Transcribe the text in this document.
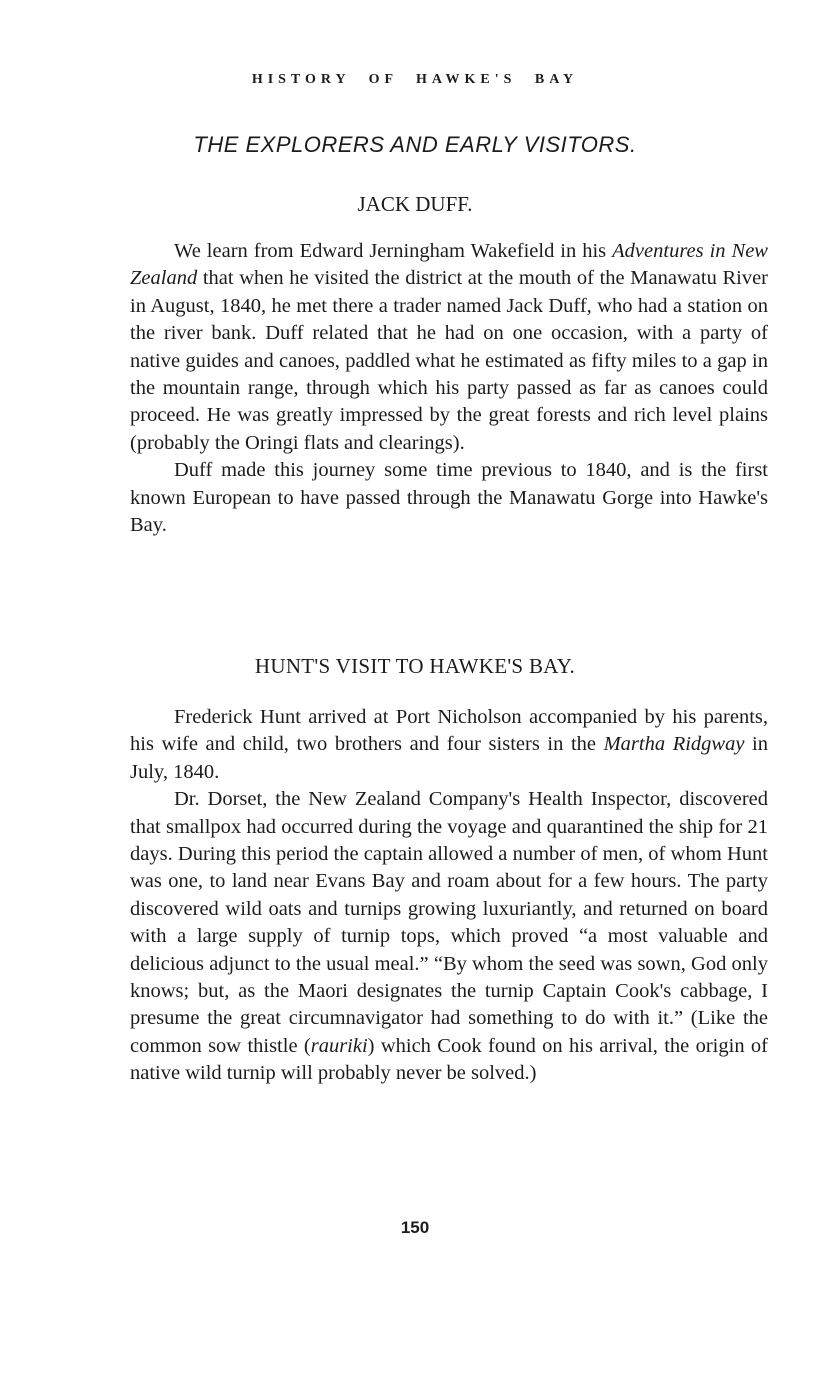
HISTORY OF HAWKE'S BAY
THE EXPLORERS AND EARLY VISITORS.
JACK DUFF.

We learn from Edward Jerningham Wakefield in his Adventures in New Zealand that when he visited the district at the mouth of the Manawatu River in August, 1840, he met there a trader named Jack Duff, who had a station on the river bank. Duff related that he had on one occasion, with a party of native guides and canoes, paddled what he estimated as fifty miles to a gap in the mountain range, through which his party passed as far as canoes could proceed. He was greatly impressed by the great forests and rich level plains (probably the Oringi flats and clearings).

Duff made this journey some time previous to 1840, and is the first known European to have passed through the Manawatu Gorge into Hawke's Bay.

HUNT'S VISIT TO HAWKE'S BAY.

Frederick Hunt arrived at Port Nicholson accompanied by his parents, his wife and child, two brothers and four sisters in the Martha Ridgway in July, 1840.

Dr. Dorset, the New Zealand Company's Health Inspector, discovered that smallpox had occurred during the voyage and quarantined the ship for 21 days. During this period the captain allowed a number of men, of whom Hunt was one, to land near Evans Bay and roam about for a few hours. The party discovered wild oats and turnips growing luxuriantly, and returned on board with a large supply of turnip tops, which proved “a most valuable and delicious adjunct to the usual meal.” “By whom the seed was sown, God only knows; but, as the Maori designates the turnip Captain Cook's cabbage, I presume the great circumnavigator had something to do with it.” (Like the common sow thistle (rauriki) which Cook found on his arrival, the origin of native wild turnip will probably never be solved.)

150
